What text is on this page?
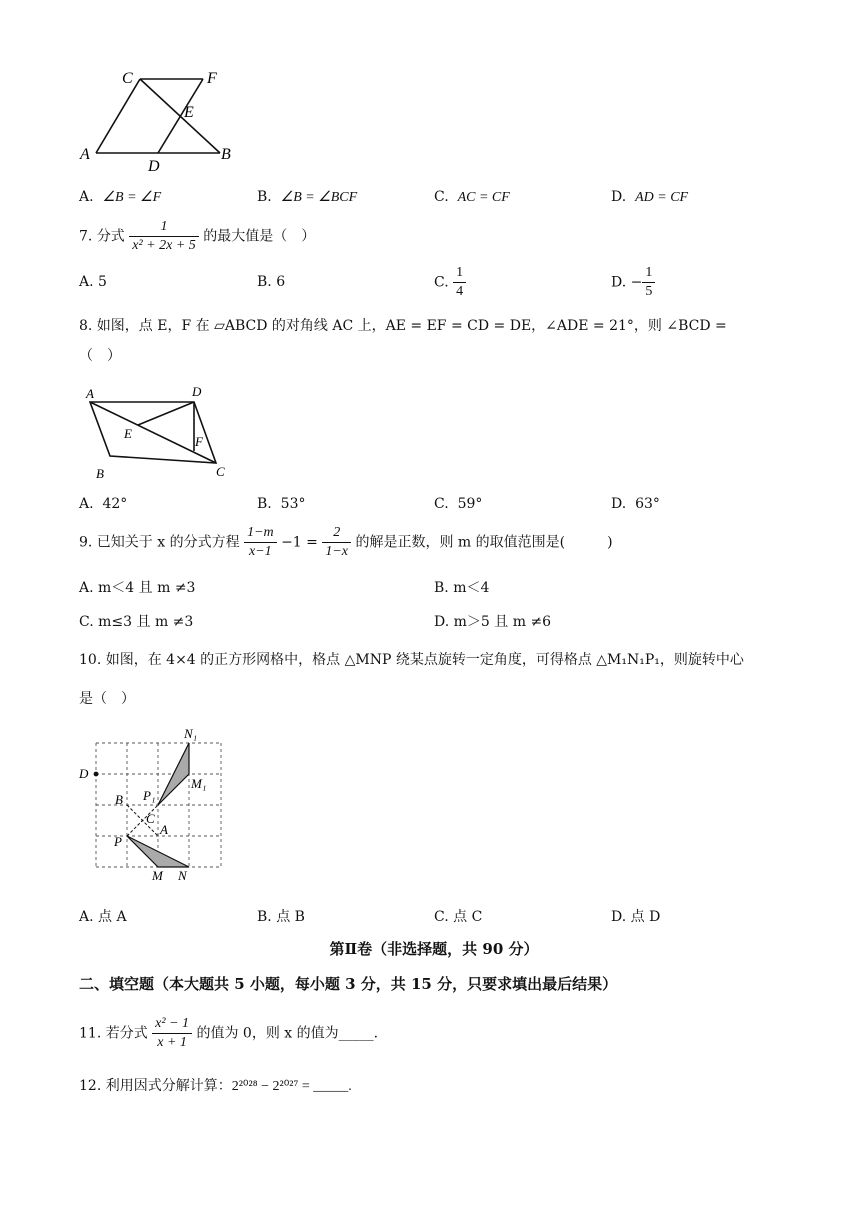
C	F
E
A
D
B
A. ∠B = ∠F	B. ∠B = ∠BCF	C. AC = CF	D. AD = CF
7. 分式 $\frac{1}{\text{x² + 2x + 5}}$ 的最大值是（　）
A. 5	B. 6	C. $\frac{1}{4}$	D. − $\frac{1}{5}$
8. 如图，点 E，F 在 ▱ABCD 的对角线 AC 上，AE = EF = CD = DE，∠ADE = 21°，则 ∠BCD =
（　）
A	D
E
F
B	C
A. 42°	B. 53°	C. 59°	D. 63°
9. 已知关于 x 的分式方程 $\frac{1-m}{x-1} -1 = \frac{2}{1-x}$ 的解是正数，则 m 的取值范围是(　　　)
A. m＜4 且 m ≠3	B. m＜4
C. m≤3 且 m ≠3	D. m＞5 且 m ≠6
10. 如图，在 4×4 的正方形网格中，格点 △MNP 绕某点旋转一定角度，可得格点 △M₁N₁P₁，则旋转中心
是（　）
N₁
D
M₁
P₁
B
C
A
P
M N
A. 点 A	B. 点 B	C. 点 C	D. 点 D
第Ⅱ卷（非选择题，共 90 分）
二、填空题（本大题共 5 小题，每小题 3 分，共 15 分，只要求填出最后结果）
11. 若分式 $\frac{\text{x² − 1}}{x + 1}$ 的值为 0，则 x 的值为_____.
12. 利用因式分解计算：2²⁰²⁸ − 2²⁰²⁷ = _____.
